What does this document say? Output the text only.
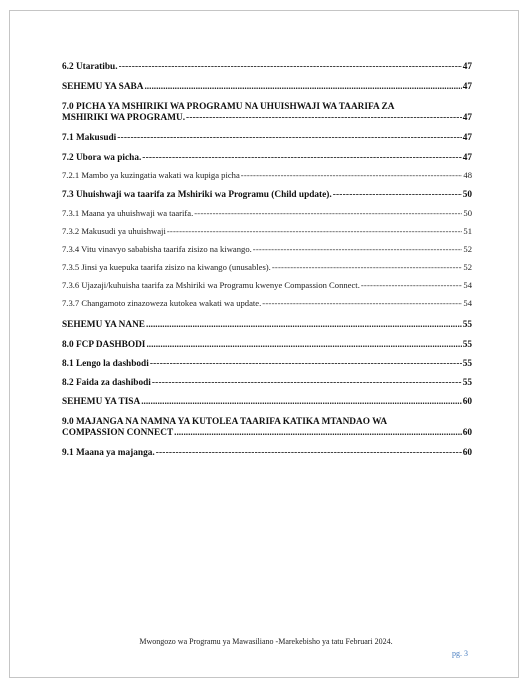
6.2 Utaratibu. -----	47
SEHEMU YA SABA .....	47
7.0 PICHA YA MSHIRIKI WA PROGRAMU NA UHUISHWAJI WA TAARIFA ZA
MSHIRIKI WA PROGRAMU. -----	47
7.1 Makusudi -----	47
7.2 Ubora wa picha. -----	47
7.2.1 Mambo ya kuzingatia wakati wa kupiga picha -----	48
7.3 Uhuishwaji wa taarifa za Mshiriki wa Programu (Child update). -----	50
7.3.1 Maana ya uhuishwaji wa taarifa. -----	50
7.3.2 Makusudi ya uhuishwaji -----	51
7.3.4 Vitu vinavyo sababisha taarifa zisizo na kiwango. -----	52
7.3.5 Jinsi ya kuepuka taarifa zisizo na kiwango (unusables). -----	52
7.3.6 Ujazaji/kuhuisha taarifa za Mshiriki wa Programu kwenye Compassion Connect. -----	54
7.3.7 Changamoto zinazoweza kutokea wakati wa update. -----	54
SEHEMU YA NANE .....	55
8.0 FCP DASHBODI .....	55
8.1 Lengo la dashbodi -----	55
8.2 Faida za dashibodi -----	55
SEHEMU YA TISA .....	60
9.0 MAJANGA NA NAMNA YA KUTOLEA TAARIFA KATIKA MTANDAO WA
COMPASSION CONNECT .....	60
9.1 Maana ya majanga. -----	60
Mwongozo wa Programu ya Mawasiliano -Marekebisho ya tatu Februari 2024.
pg. 3
